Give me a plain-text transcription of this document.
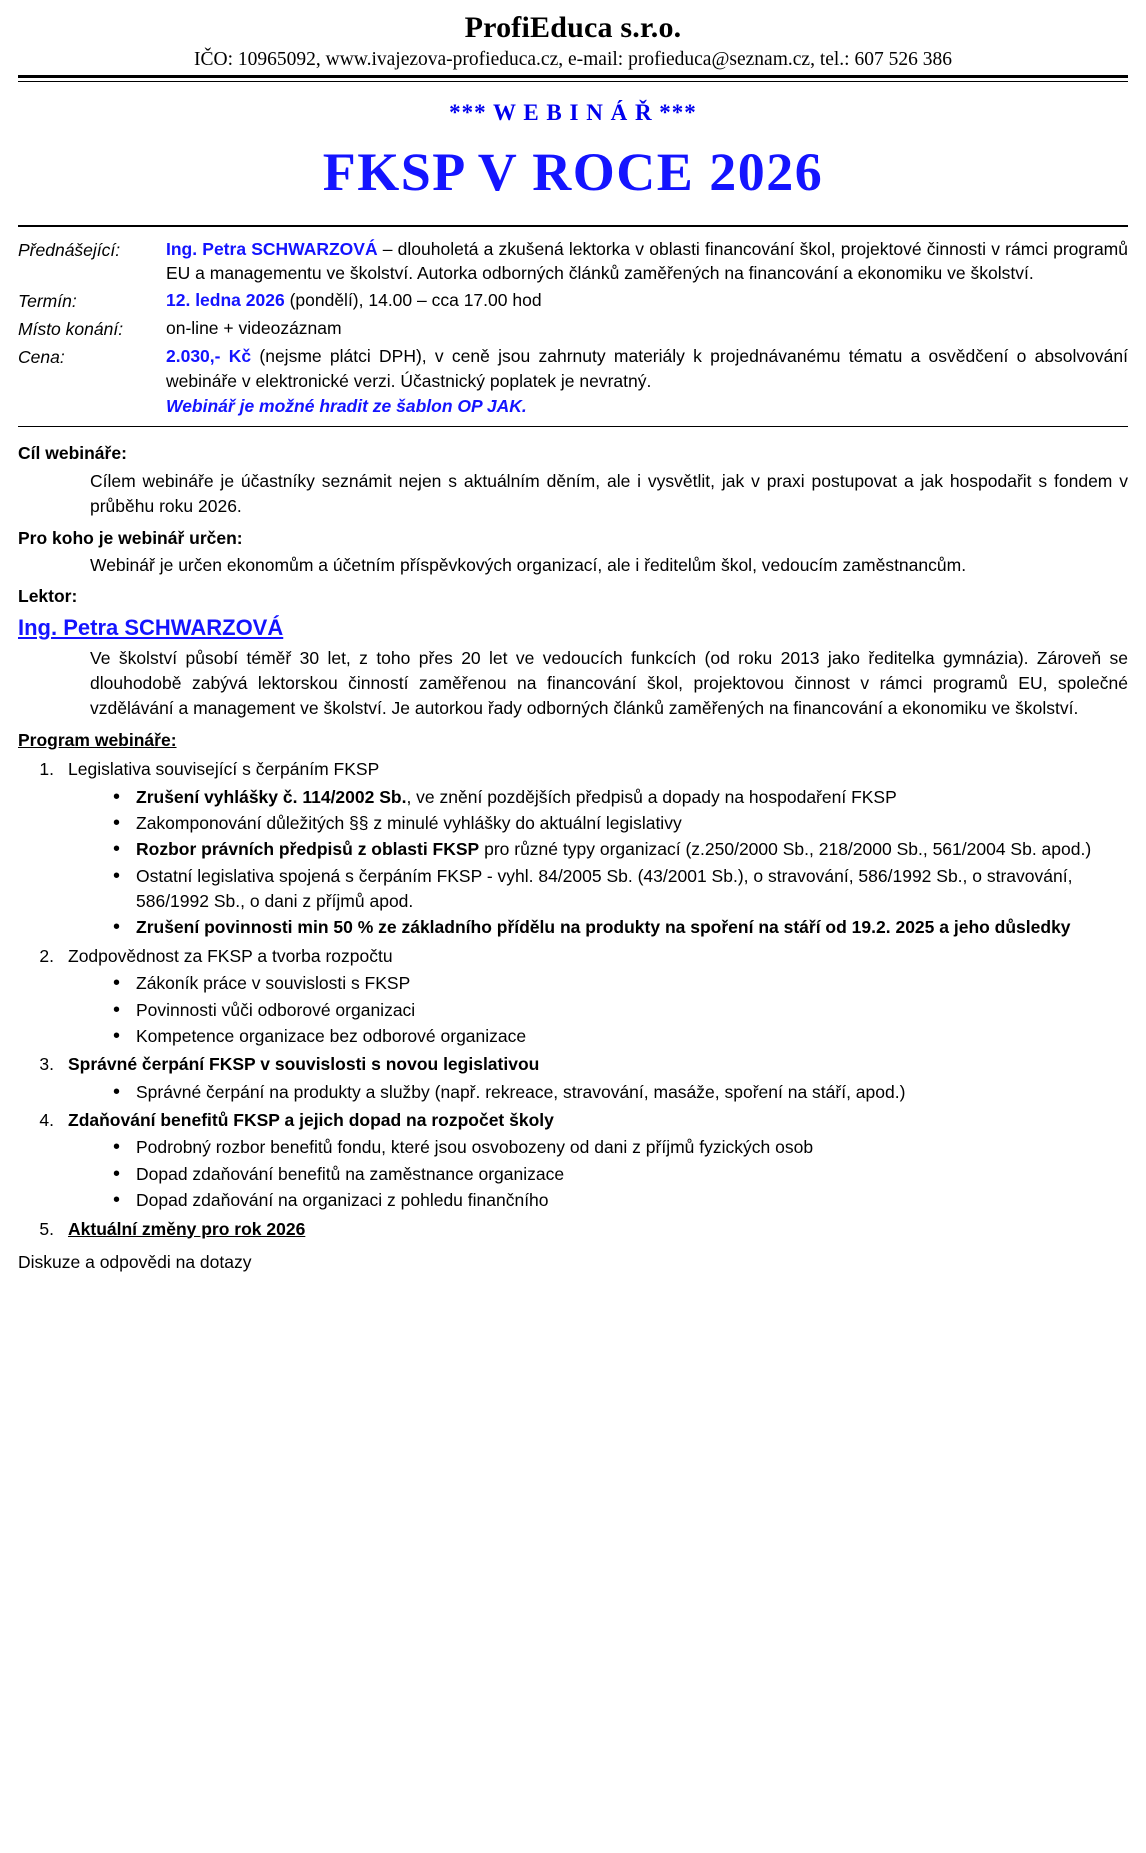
ProfiEduca s.r.o.
IČO: 10965092, www.ivajezova-profieduca.cz, e-mail: profieduca@seznam.cz, tel.: 607 526 386
*** W E B I N Á Ř ***
FKSP V ROCE 2026
Přednášející:	Ing. Petra SCHWARZOVÁ – dlouholetá a zkušená lektorka v oblasti financování škol, projektové činnosti v rámci programů EU a managementu ve školství. Autorka odborných článků zaměřených na financování a ekonomiku ve školství.
Termín:	12. ledna 2026 (pondělí), 14.00 – cca 17.00 hod
Místo konání:	on-line + videozáznam
Cena:	2.030,- Kč (nejsme plátci DPH), v ceně jsou zahrnuty materiály k projednávanému tématu a osvědčení o absolvování webináře v elektronické verzi. Účastnický poplatek je nevratný.
Webinář je možné hradit ze šablon OP JAK.
Cíl webináře:
Cílem webináře je účastníky seznámit nejen s aktuálním děním, ale i vysvětlit, jak v praxi postupovat a jak hospodařit s fondem v průběhu roku 2026.
Pro koho je webinář určen:
Webinář je určen ekonomům a účetním příspěvkových organizací, ale i ředitelům škol, vedoucím zaměstnancům.
Lektor:
Ing. Petra SCHWARZOVÁ
Ve školství působí téměř 30 let, z toho přes 20 let ve vedoucích funkcích (od roku 2013 jako ředitelka gymnázia). Zároveň se dlouhodobě zabývá lektorskou činností zaměřenou na financování škol, projektovou činnost v rámci programů EU, společné vzdělávání a management ve školství. Je autorkou řady odborných článků zaměřených na financování a ekonomiku ve školství.
Program webináře:
1. Legislativa související s čerpáním FKSP
• Zrušení vyhlášky č. 114/2002 Sb., ve znění pozdějších předpisů a dopady na hospodaření FKSP
• Zakomponování důležitých §§ z minulé vyhlášky do aktuální legislativy
• Rozbor právních předpisů z oblasti FKSP pro různé typy organizací (z.250/2000 Sb., 218/2000 Sb., 561/2004 Sb. apod.)
• Ostatní legislativa spojená s čerpáním FKSP - vyhl. 84/2005 Sb. (43/2001 Sb.), o stravování, 586/1992 Sb., o stravování, 586/1992 Sb., o dani z příjmů apod.
• Zrušení povinnosti min 50 % ze základního přídělu na produkty na spoření na stáří od 19.2. 2025 a jeho důsledky
2. Zodpovědnost za FKSP a tvorba rozpočtu
• Zákoník práce v souvislosti s FKSP
• Povinnosti vůči odborové organizaci
• Kompetence organizace bez odborové organizace
3. Správné čerpání FKSP v souvislosti s novou legislativou
• Správné čerpání na produkty a služby (např. rekreace, stravování, masáže, spoření na stáří, apod.)
4. Zdaňování benefitů FKSP a jejich dopad na rozpočet školy
• Podrobný rozbor benefitů fondu, které jsou osvobozeny od dani z příjmů fyzických osob
• Dopad zdaňování benefitů na zaměstnance organizace
• Dopad zdaňování na organizaci z pohledu finančního
5. Aktuální změny pro rok 2026
Diskuze a odpovědi na dotazy
